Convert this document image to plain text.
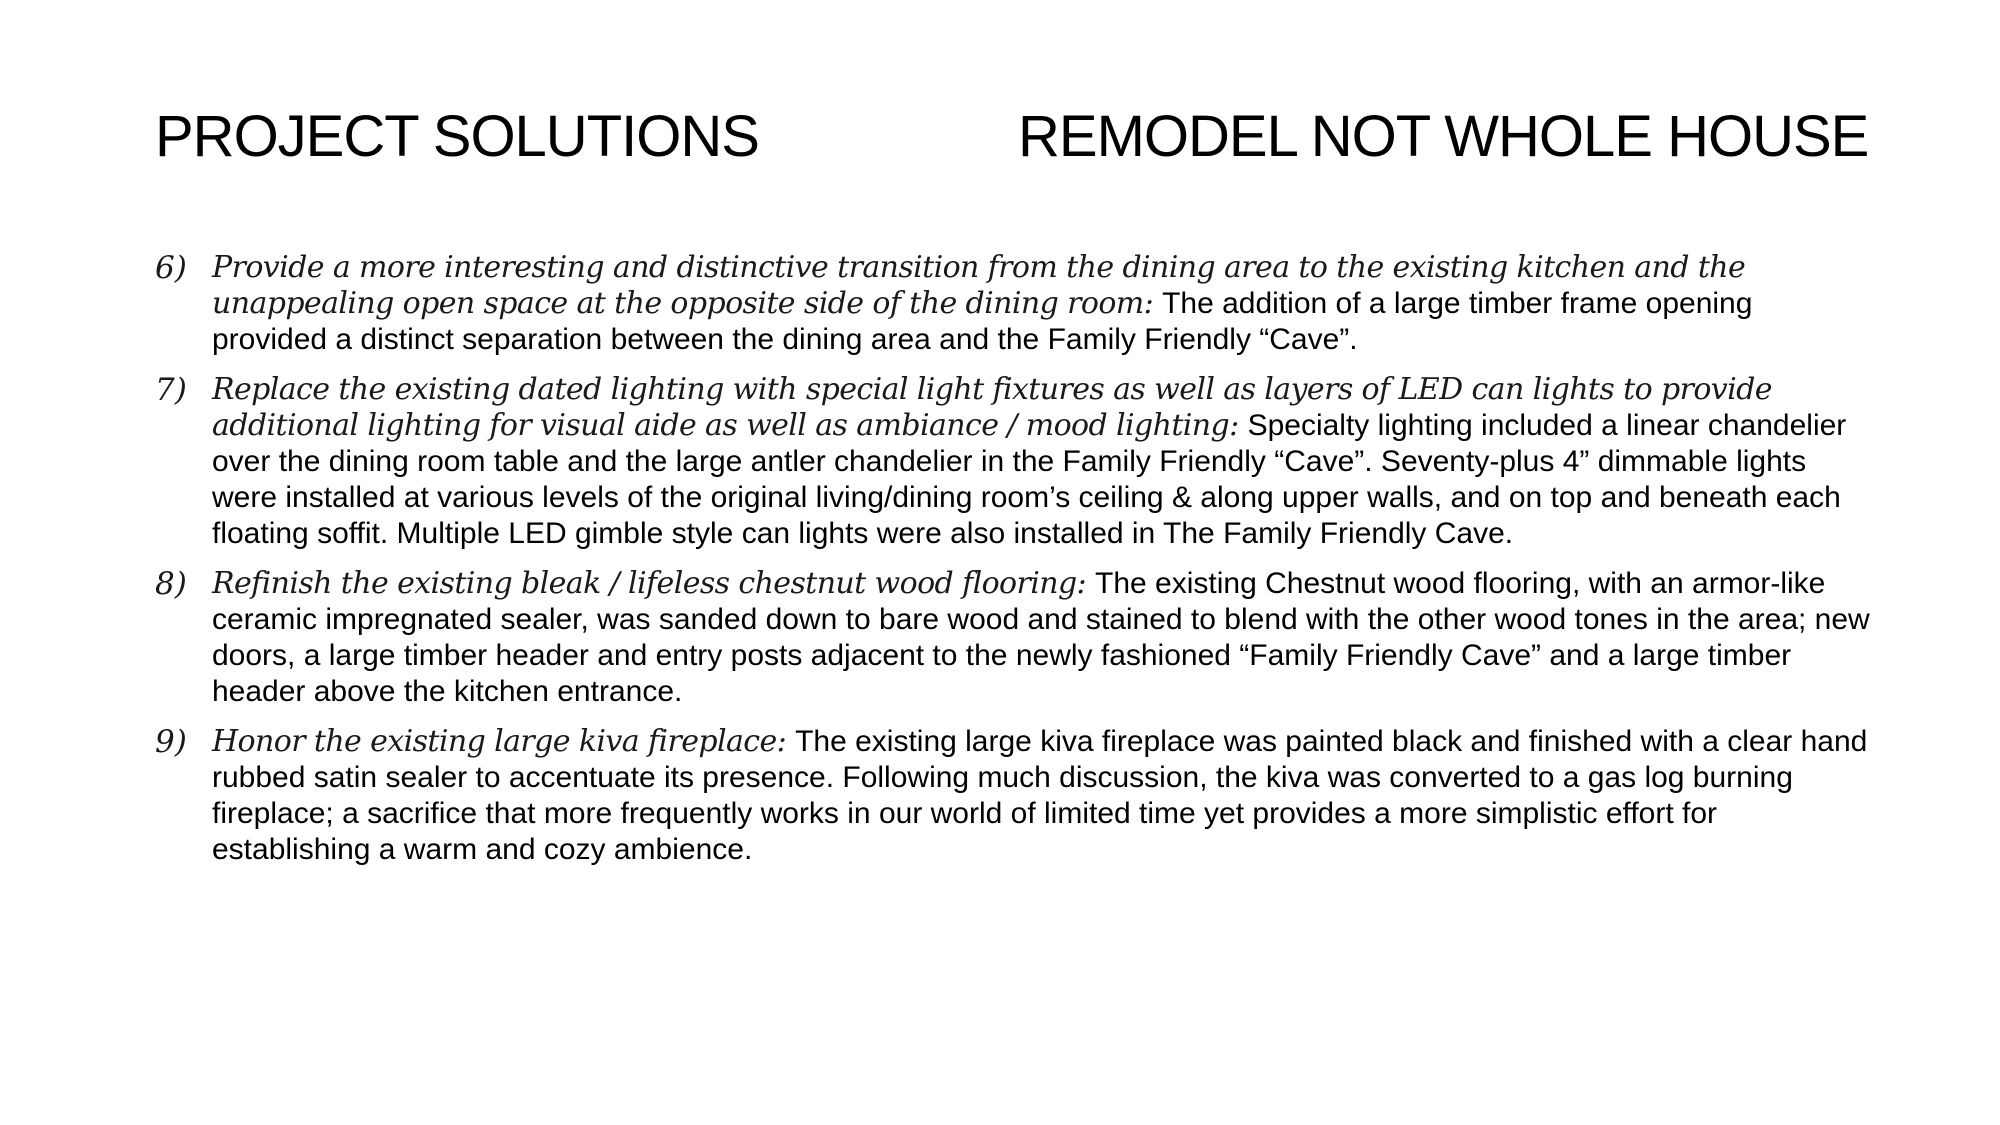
PROJECT SOLUTIONS	REMODEL NOT WHOLE HOUSE
6) Provide a more interesting and distinctive transition from the dining area to the existing kitchen and the unappealing open space at the opposite side of the dining room: The addition of a large timber frame opening provided a distinct separation between the dining area and the Family Friendly “Cave”.
7) Replace the existing dated lighting with special light fixtures as well as layers of LED can lights to provide additional lighting for visual aide as well as ambiance / mood lighting: Specialty lighting included a linear chandelier over the dining room table and the large antler chandelier in the Family Friendly “Cave”. Seventy-plus 4” dimmable lights were installed at various levels of the original living/dining room’s ceiling & along upper walls, and on top and beneath each floating soffit. Multiple LED gimble style can lights were also installed in The Family Friendly Cave.
8) Refinish the existing bleak / lifeless chestnut wood flooring: The existing Chestnut wood flooring, with an armor-like ceramic impregnated sealer, was sanded down to bare wood and stained to blend with the other wood tones in the area; new doors, a large timber header and entry posts adjacent to the newly fashioned “Family Friendly Cave” and a large timber header above the kitchen entrance.
9) Honor the existing large kiva fireplace: The existing large kiva fireplace was painted black and finished with a clear hand rubbed satin sealer to accentuate its presence. Following much discussion, the kiva was converted to a gas log burning fireplace; a sacrifice that more frequently works in our world of limited time yet provides a more simplistic effort for establishing a warm and cozy ambience.
